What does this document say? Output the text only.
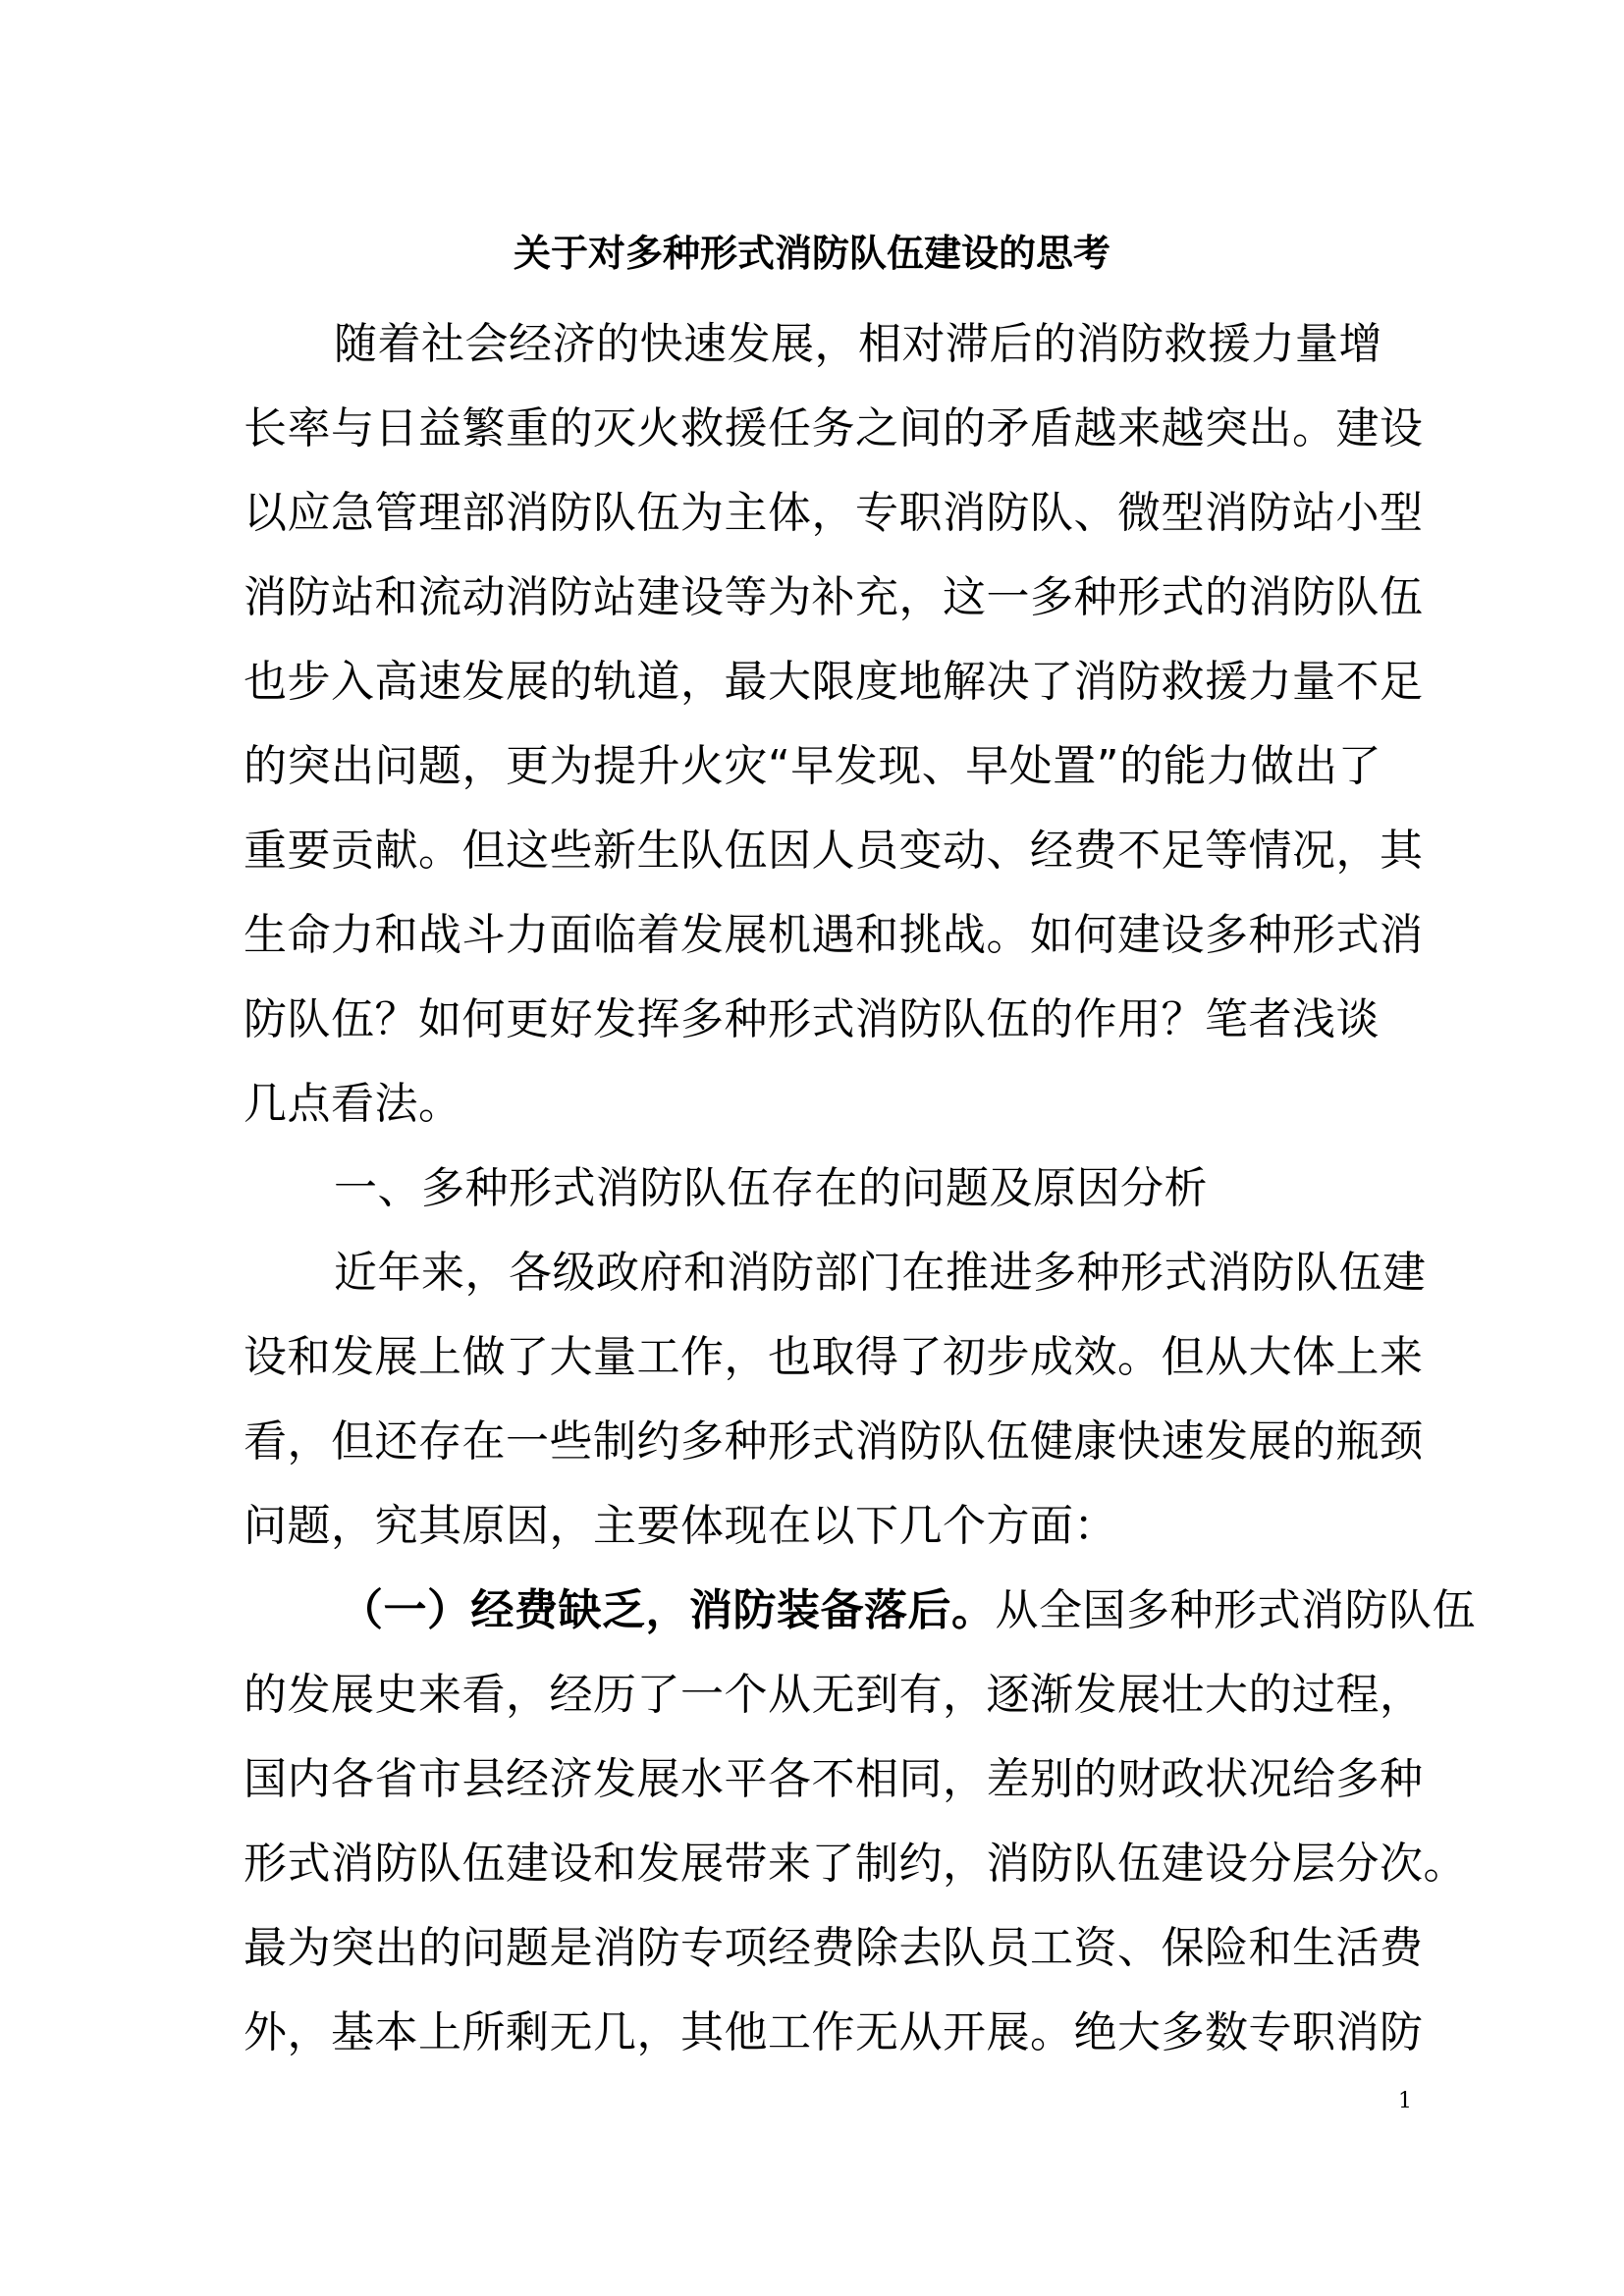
关于对多种形式消防队伍建设的思考
随着社会经济的快速发展，相对滞后的消防救援力量增
长率与日益繁重的灭火救援任务之间的矛盾越来越突出。建设
以应急管理部消防队伍为主体，专职消防队、微型消防站小型
消防站和流动消防站建设等为补充，这一多种形式的消防队伍
也步入高速发展的轨道，最大限度地解决了消防救援力量不足
的突出问题，更为提升火灾“早发现、早处置”的能力做出了
重要贡献。但这些新生队伍因人员变动、经费不足等情况，其
生命力和战斗力面临着发展机遇和挑战。如何建设多种形式消
防队伍？如何更好发挥多种形式消防队伍的作用？笔者浅谈
几点看法。
一、多种形式消防队伍存在的问题及原因分析
近年来，各级政府和消防部门在推进多种形式消防队伍建
设和发展上做了大量工作，也取得了初步成效。但从大体上来
看，但还存在一些制约多种形式消防队伍健康快速发展的瓶颈
问题，究其原因，主要体现在以下几个方面：
（一）经费缺乏，消防装备落后。从全国多种形式消防队伍
的发展史来看，经历了一个从无到有，逐渐发展壮大的过程，
国内各省市县经济发展水平各不相同，差别的财政状况给多种
形式消防队伍建设和发展带来了制约，消防队伍建设分层分次。
最为突出的问题是消防专项经费除去队员工资、保险和生活费
外，基本上所剩无几，其他工作无从开展。绝大多数专职消防
1
